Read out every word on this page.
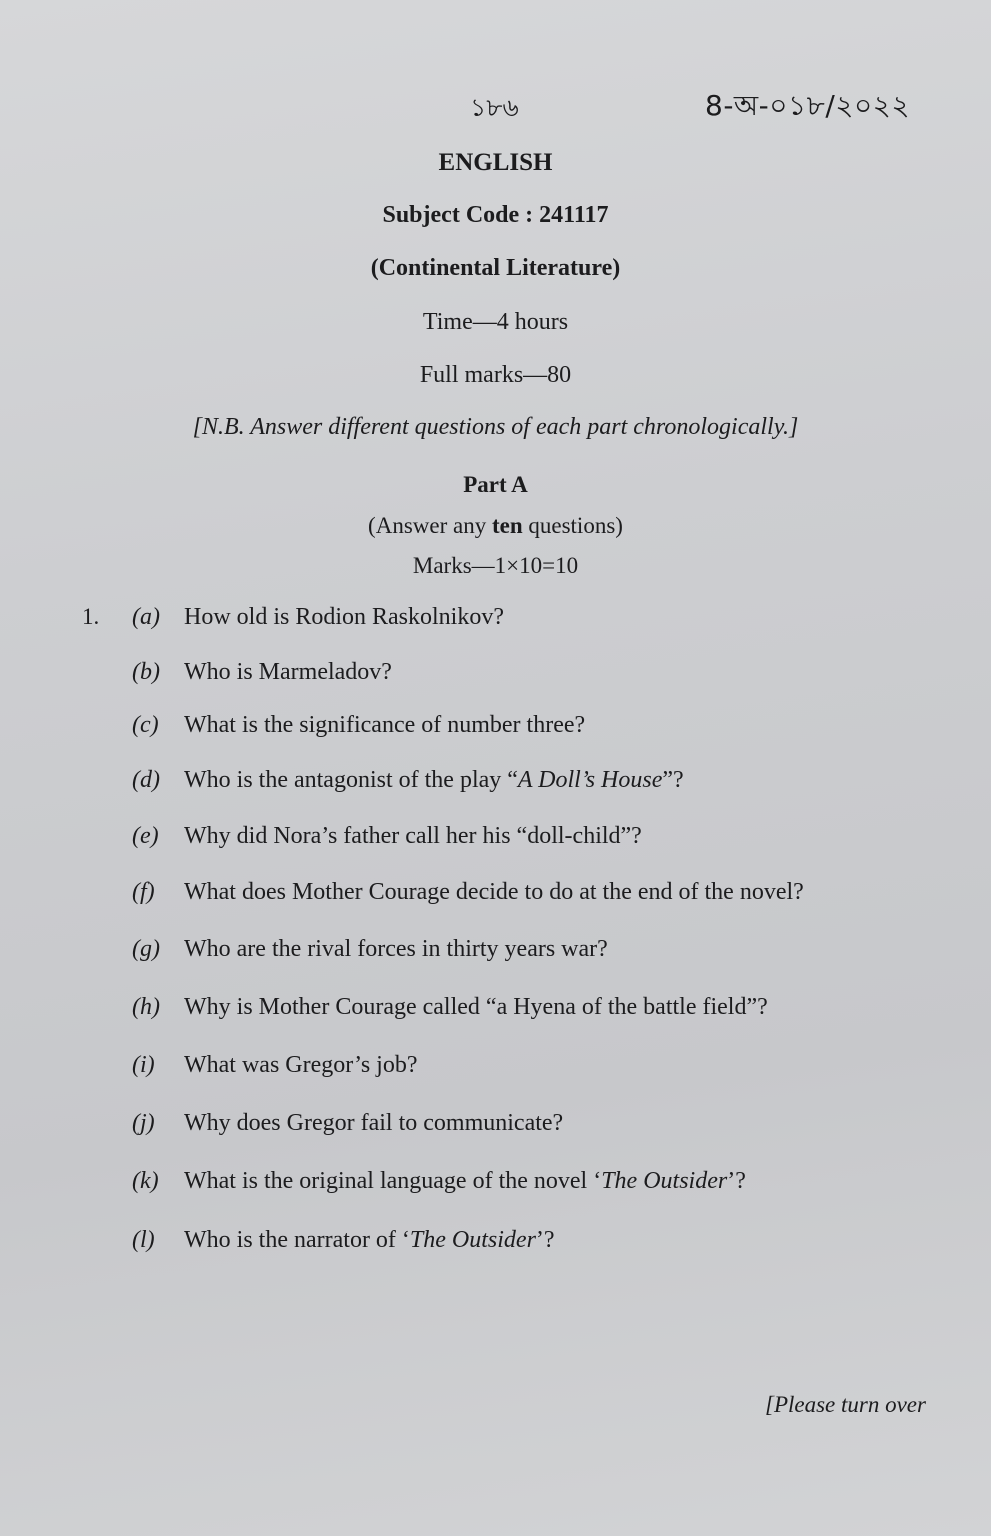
১৮৬	8-অ-০১৮/২০২২
ENGLISH
Subject Code : 241117
(Continental Literature)
Time—4 hours
Full marks—80
[N.B. Answer different questions of each part chronologically.]
Part A
(Answer any ten questions)
Marks—1×10=10
1. (a) How old is Rodion Raskolnikov?
(b) Who is Marmeladov?
(c) What is the significance of number three?
(d) Who is the antagonist of the play “A Doll’s House”?
(e) Why did Nora’s father call her his “doll-child”?
(f) What does Mother Courage decide to do at the end of the novel?
(g) Who are the rival forces in thirty years war?
(h) Why is Mother Courage called “a Hyena of the battle field”?
(i) What was Gregor’s job?
(j) Why does Gregor fail to communicate?
(k) What is the original language of the novel ‘The Outsider’?
(l) Who is the narrator of ‘The Outsider’?
[Please turn over
